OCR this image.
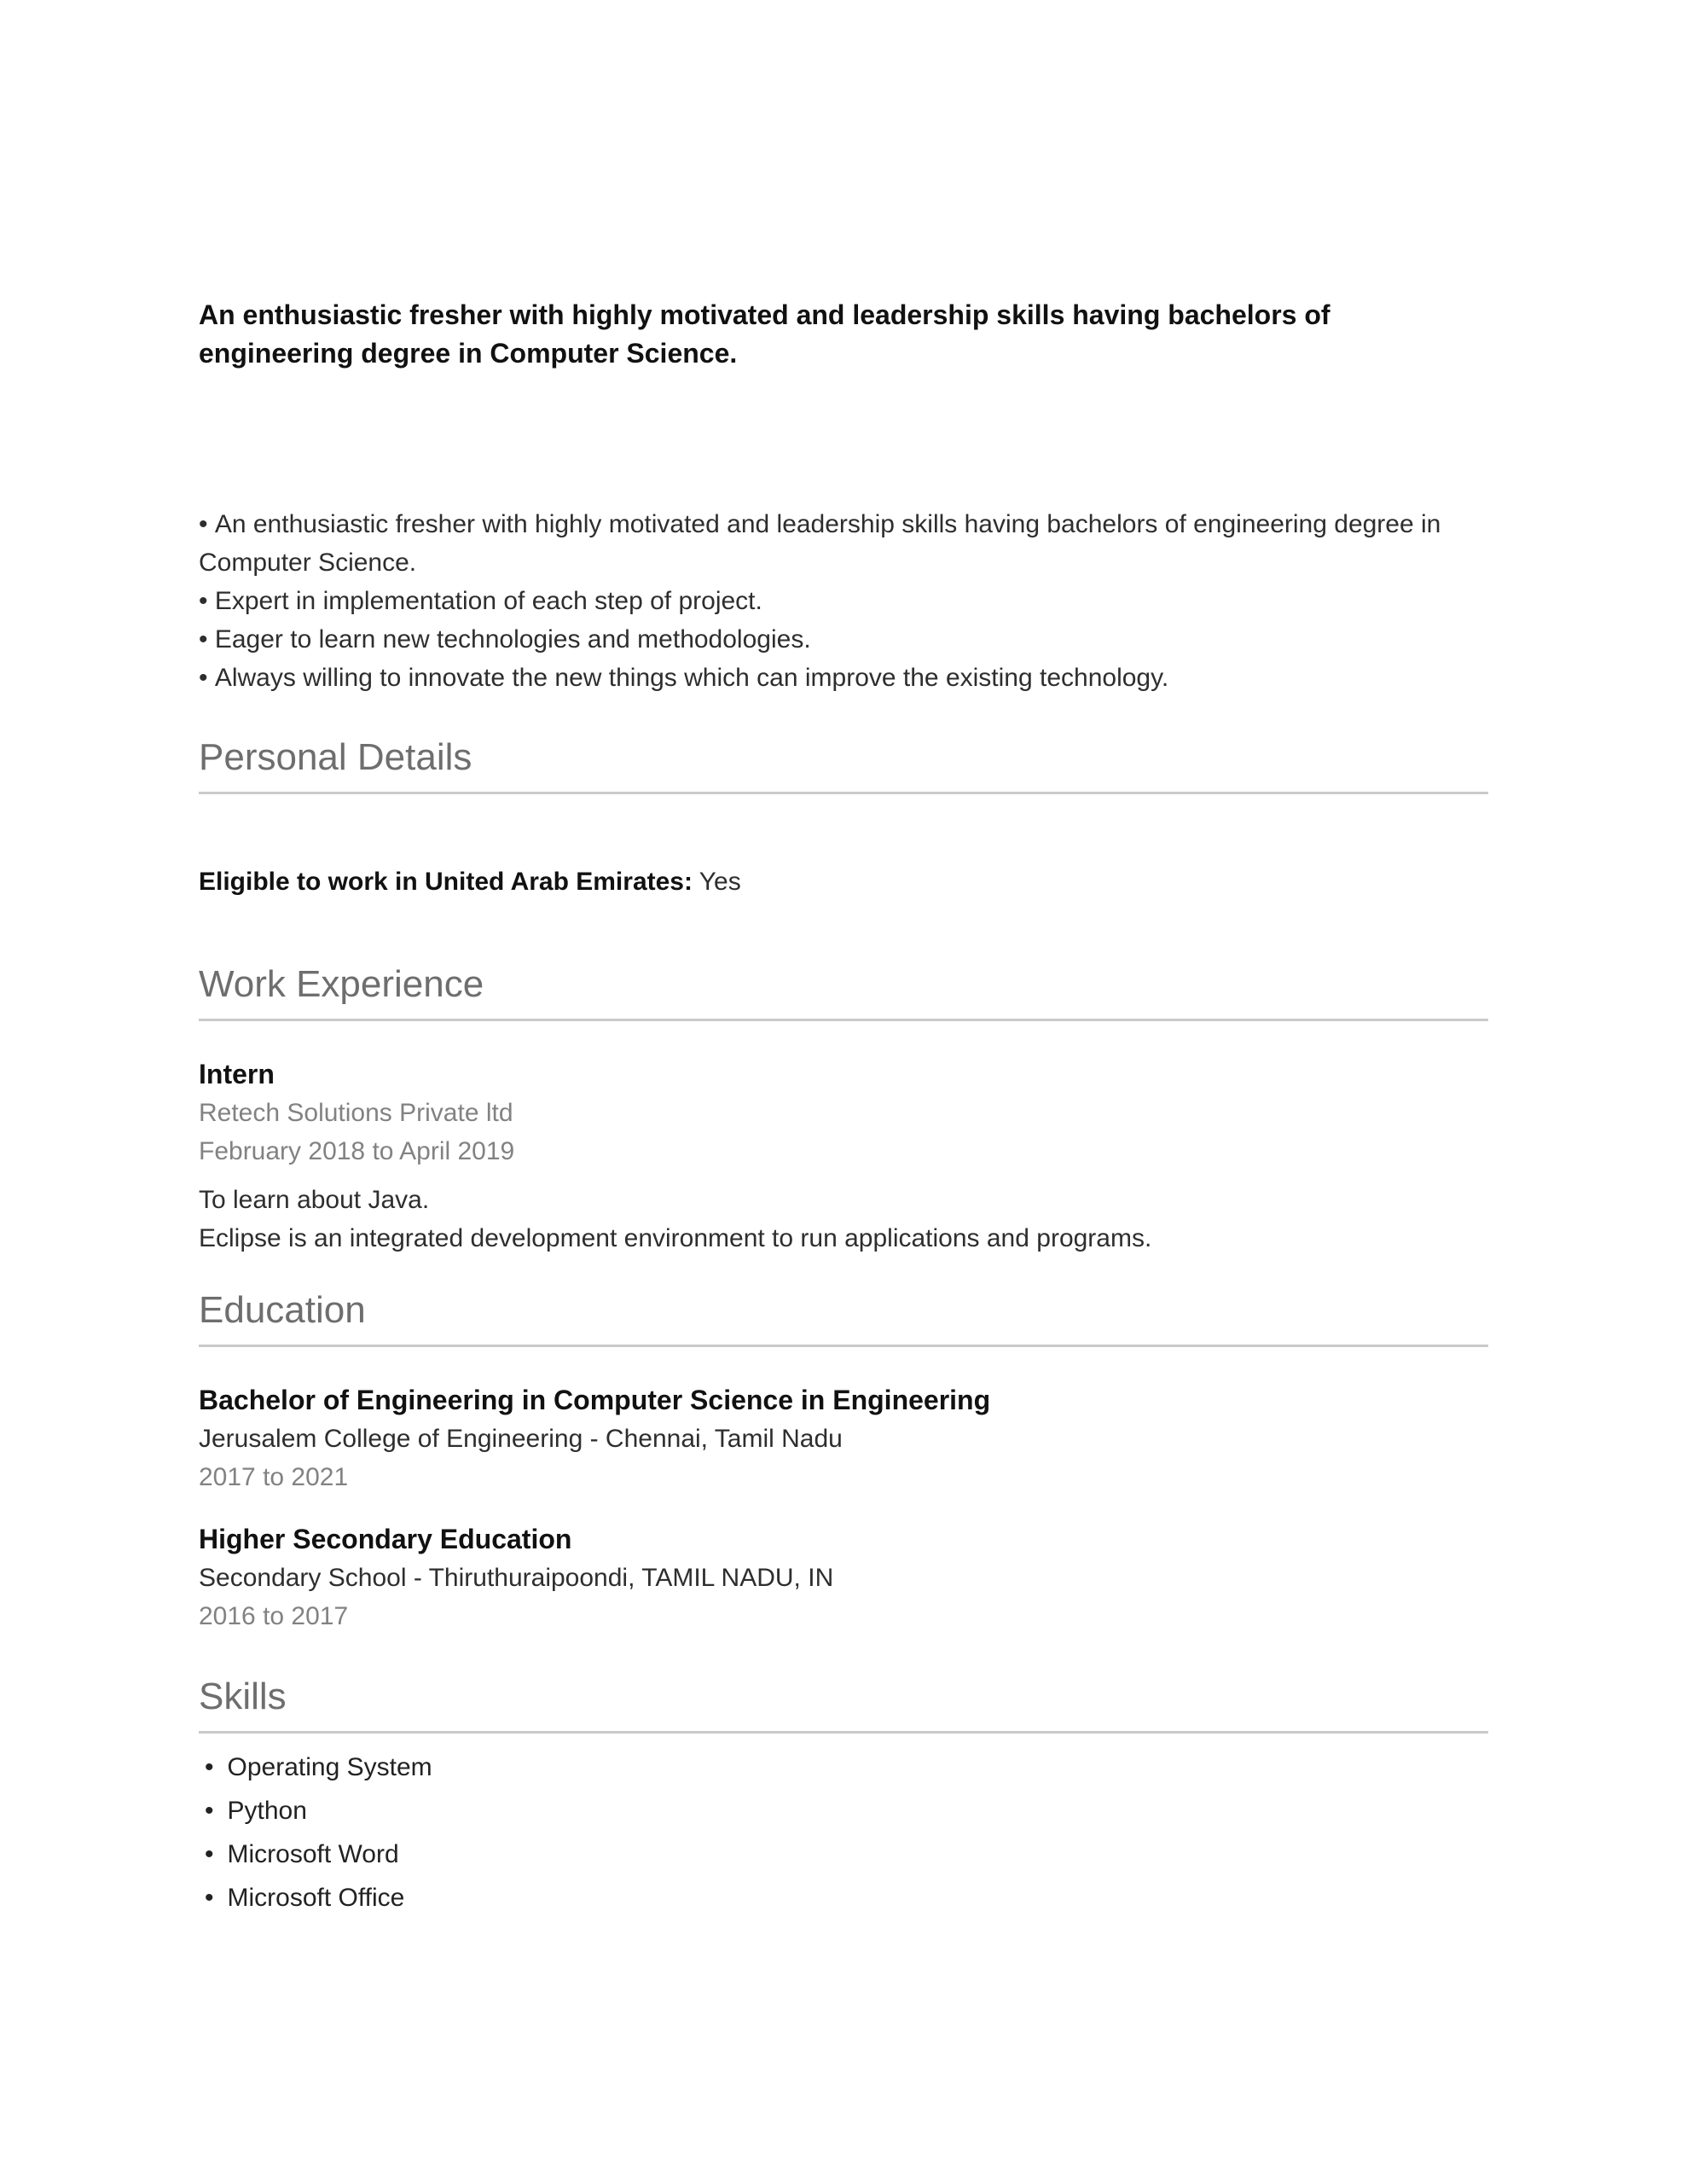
An enthusiastic fresher with highly motivated and leadership skills having bachelors of engineering degree in Computer Science.

• An enthusiastic fresher with highly motivated and leadership skills having bachelors of engineering degree in Computer Science.

• Expert in implementation of each step of project.

• Eager to learn new technologies and methodologies.

• Always willing to innovate the new things which can improve the existing technology.

Personal Details

Eligible to work in United Arab Emirates: Yes

Work Experience
Intern

Retech Solutions Private ltd

February 2018 to April 2019

To learn about Java.

Eclipse is an integrated development environment to run applications and programs.

Education
Bachelor of Engineering in Computer Science in Engineering

Jerusalem College of Engineering - Chennai, Tamil Nadu

2017 to 2021

Higher Secondary Education

Secondary School - Thiruthuraipoondi, TAMIL NADU, IN

2016 to 2017

Skills
• Operating System
• Python
• Microsoft Word
• Microsoft Office
